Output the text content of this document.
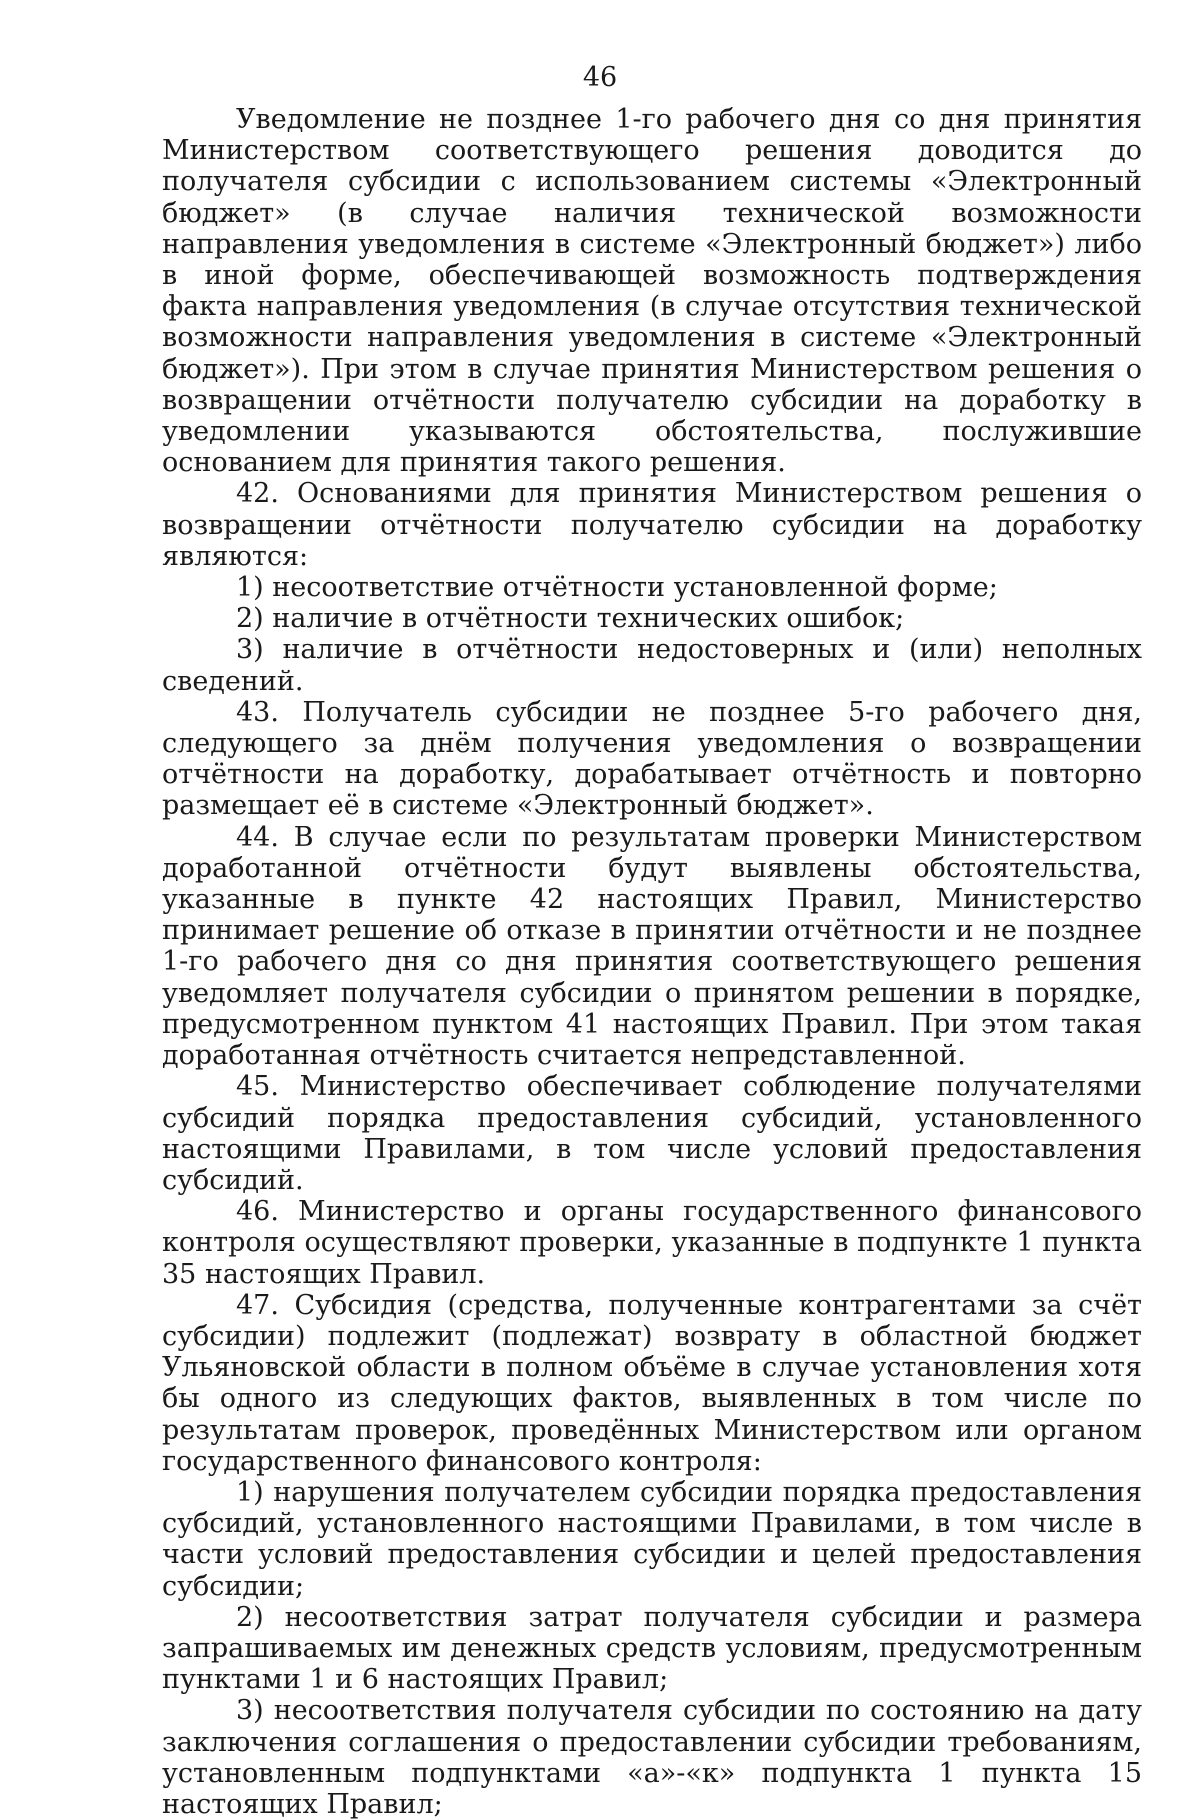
46

Уведомление не позднее 1-го рабочего дня со дня принятия Министерством соответствующего решения доводится до получателя субсидии с использованием системы «Электронный бюджет» (в случае наличия технической возможности направления уведомления в системе «Электронный бюджет») либо в иной форме, обеспечивающей возможность подтверждения факта направления уведомления (в случае отсутствия технической возможности направления уведомления в системе «Электронный бюджет»). При этом в случае принятия Министерством решения о возвращении отчётности получателю субсидии на доработку в уведомлении указываются обстоятельства, послужившие основанием для принятия такого решения.

42. Основаниями для принятия Министерством решения о возвращении отчётности получателю субсидии на доработку являются:

1) несоответствие отчётности установленной форме;

2) наличие в отчётности технических ошибок;

3) наличие в отчётности недостоверных и (или) неполных сведений.

43. Получатель субсидии не позднее 5-го рабочего дня, следующего за днём получения уведомления о возвращении отчётности на доработку, дорабатывает отчётность и повторно размещает её в системе «Электронный бюджет».

44. В случае если по результатам проверки Министерством доработанной отчётности будут выявлены обстоятельства, указанные в пункте 42 настоящих Правил, Министерство принимает решение об отказе в принятии отчётности и не позднее 1-го рабочего дня со дня принятия соответствующего решения уведомляет получателя субсидии о принятом решении в порядке, предусмотренном пунктом 41 настоящих Правил. При этом такая доработанная отчётность считается непредставленной.

45. Министерство обеспечивает соблюдение получателями субсидий порядка предоставления субсидий, установленного настоящими Правилами, в том числе условий предоставления субсидий.

46. Министерство и органы государственного финансового контроля осуществляют проверки, указанные в подпункте 1 пункта 35 настоящих Правил.

47. Субсидия (средства, полученные контрагентами за счёт субсидии) подлежит (подлежат) возврату в областной бюджет Ульяновской области в полном объёме в случае установления хотя бы одного из следующих фактов, выявленных в том числе по результатам проверок, проведённых Министерством или органом государственного финансового контроля:

1) нарушения получателем субсидии порядка предоставления субсидий, установленного настоящими Правилами, в том числе в части условий предоставления субсидии и целей предоставления субсидии;

2) несоответствия затрат получателя субсидии и размера запрашиваемых им денежных средств условиям, предусмотренным пунктами 1 и 6 настоящих Правил;

3) несоответствия получателя субсидии по состоянию на дату заключения соглашения о предоставлении субсидии требованиям, установленным подпунктами «а»-«к» подпункта 1 пункта 15 настоящих Правил;
